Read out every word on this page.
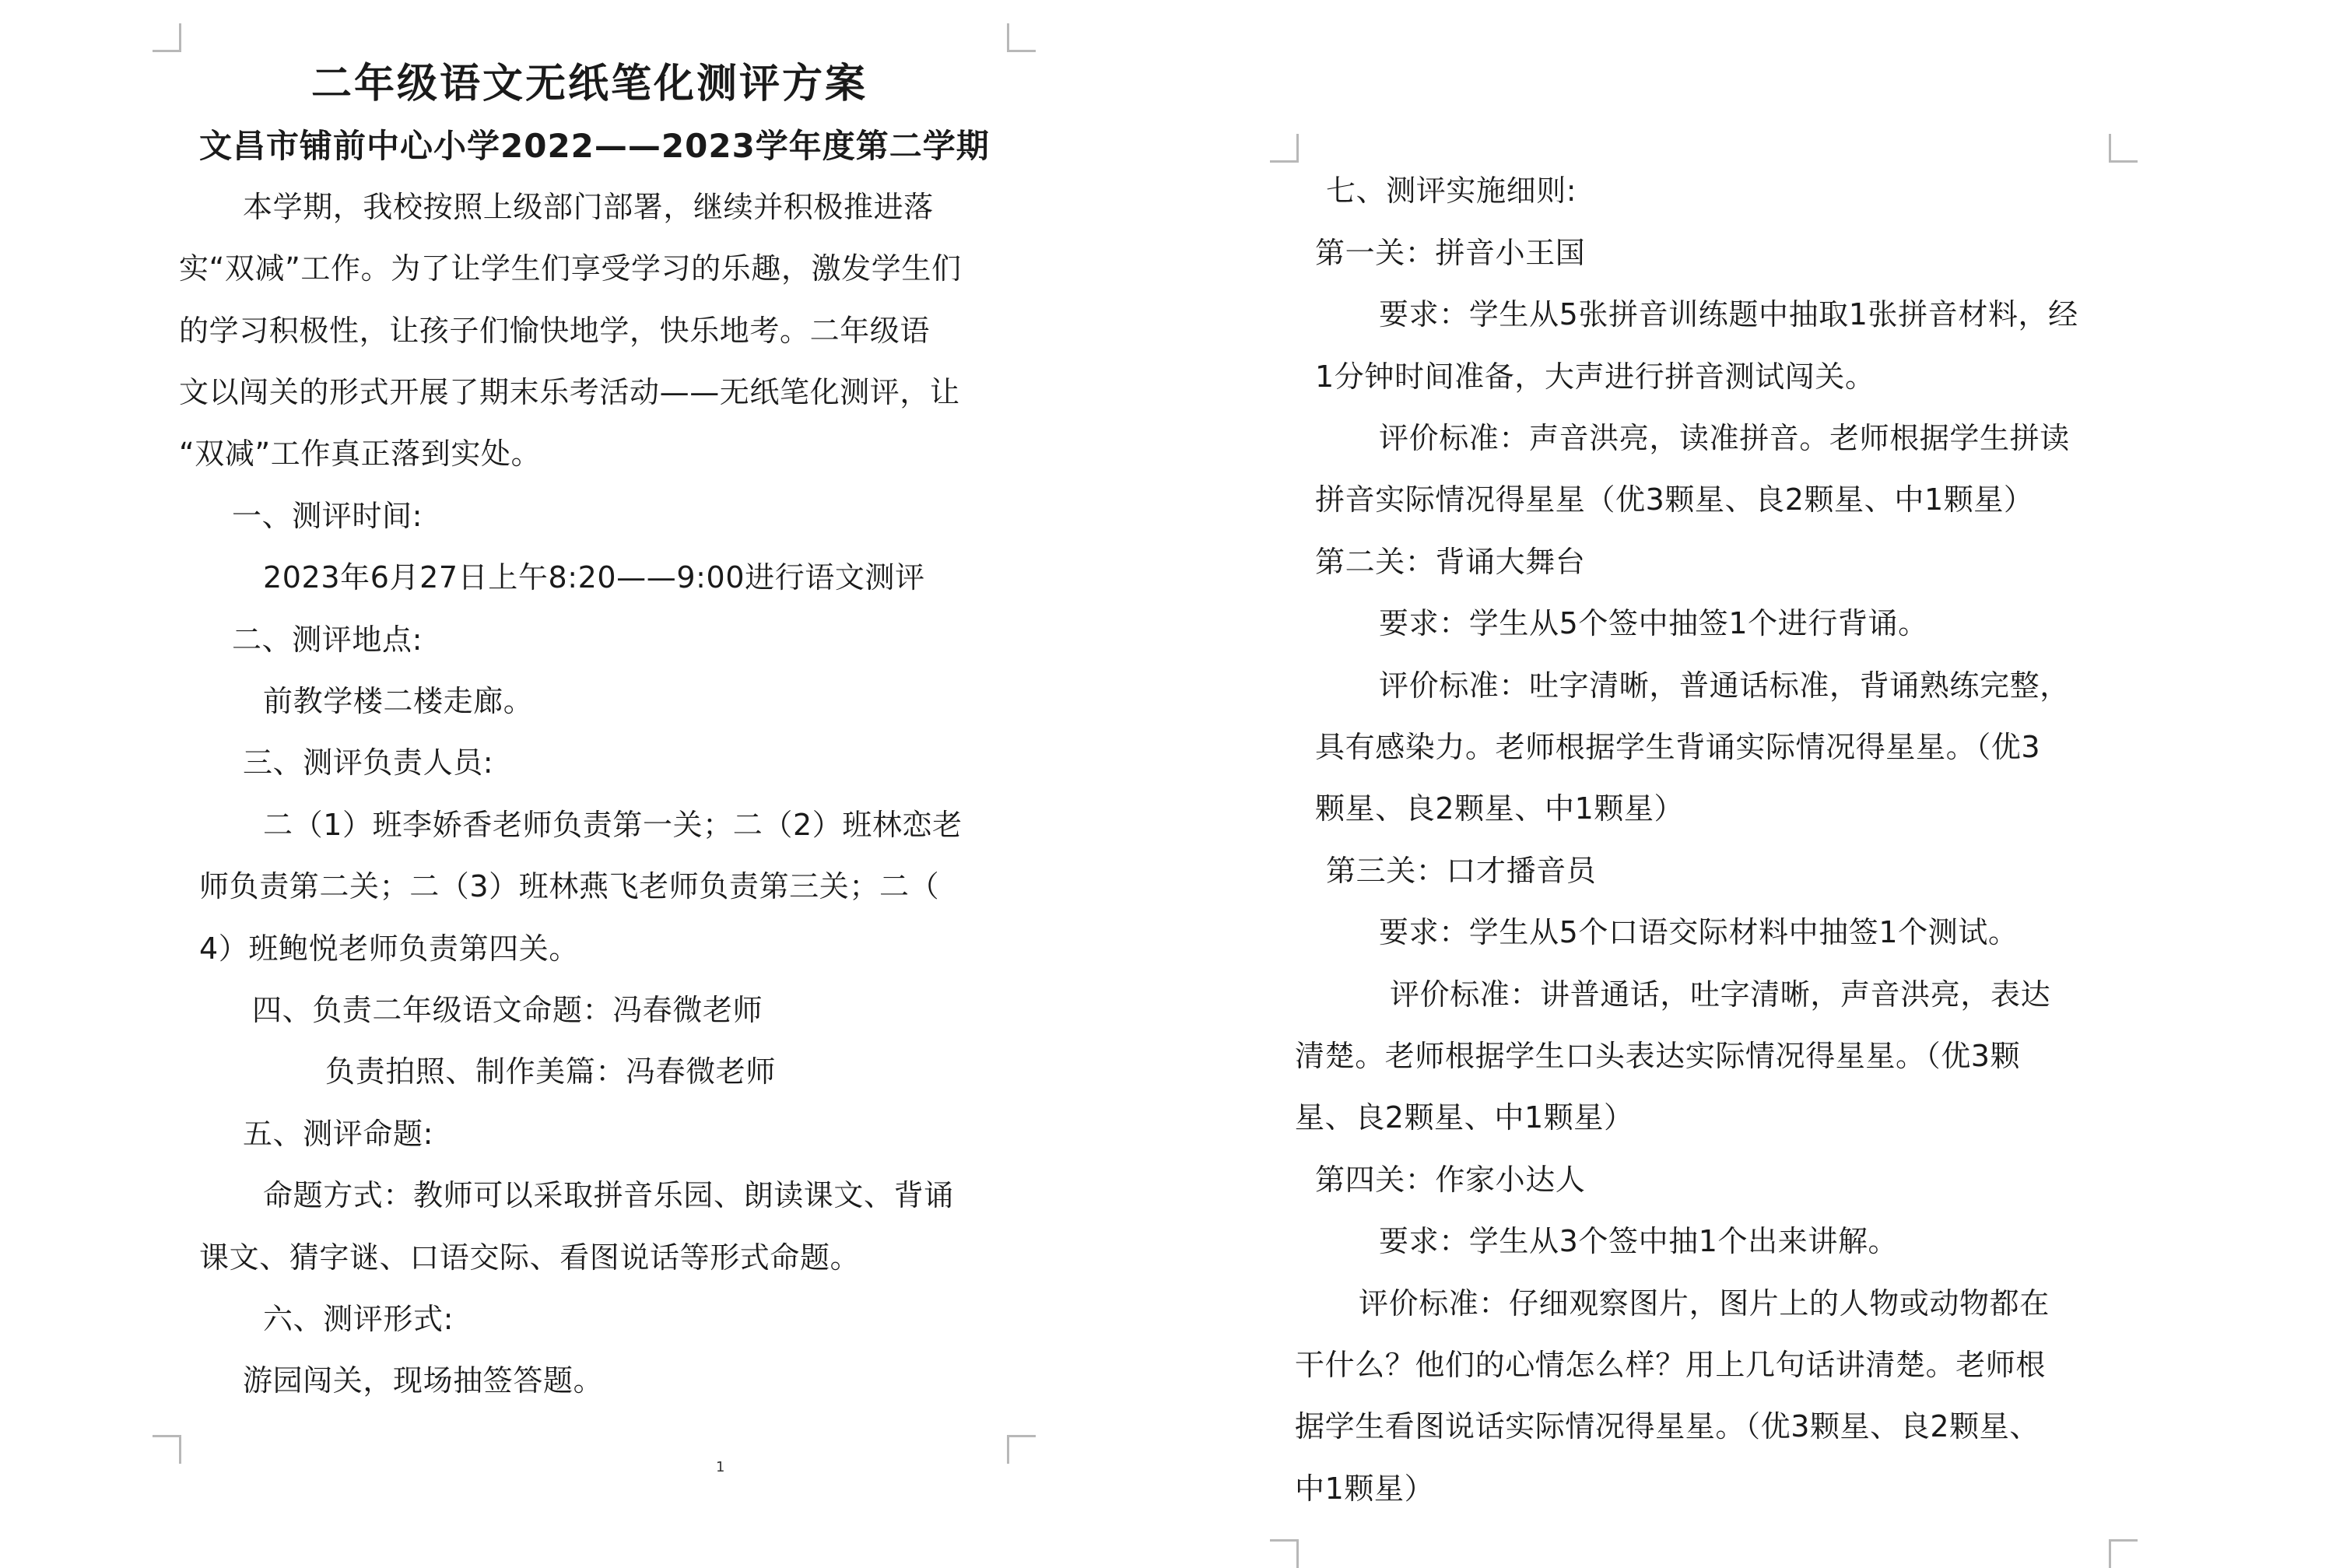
二年级语文无纸笔化测评方案
文昌市铺前中心小学2022——2023学年度第二学期
本学期，我校按照上级部门部署，继续并积极推进落
实“双减”工作。为了让学生们享受学习的乐趣，激发学生们
的学习积极性，让孩子们愉快地学，快乐地考。二年级语
文以闯关的形式开展了期末乐考活动——无纸笔化测评，让
“双减”工作真正落到实处。
一、测评时间:
2023年6月27日上午8:20——9:00进行语文测评
二、测评地点:
前教学楼二楼走廊。
三、测评负责人员:
二（1）班李娇香老师负责第一关；二（2）班林恋老
师负责第二关；二（3）班林燕飞老师负责第三关；二（
4）班鲍悦老师负责第四关。
四、负责二年级语文命题：冯春微老师
负责拍照、制作美篇：冯春微老师
五、测评命题:
命题方式：教师可以采取拼音乐园、朗读课文、背诵
课文、猜字谜、口语交际、看图说话等形式命题。
六、测评形式:
游园闯关，现场抽签答题。
1
七、测评实施细则:
第一关：拼音小王国
要求：学生从5张拼音训练题中抽取1张拼音材料，经
1分钟时间准备，大声进行拼音测试闯关。
评价标准：声音洪亮，读准拼音。老师根据学生拼读
拼音实际情况得星星（优3颗星、良2颗星、中1颗星）
第二关：背诵大舞台
要求：学生从5个签中抽签1个进行背诵。
评价标准：吐字清晰，普通话标准，背诵熟练完整，
具有感染力。老师根据学生背诵实际情况得星星。（优3
颗星、良2颗星、中1颗星）
第三关：口才播音员
要求：学生从5个口语交际材料中抽签1个测试。
评价标准：讲普通话，吐字清晰，声音洪亮，表达
清楚。老师根据学生口头表达实际情况得星星。（优3颗
星、良2颗星、中1颗星）
第四关：作家小达人
要求：学生从3个签中抽1个出来讲解。
评价标准：仔细观察图片，图片上的人物或动物都在
干什么？他们的心情怎么样？用上几句话讲清楚。老师根
据学生看图说话实际情况得星星。（优3颗星、良2颗星、
中1颗星）
